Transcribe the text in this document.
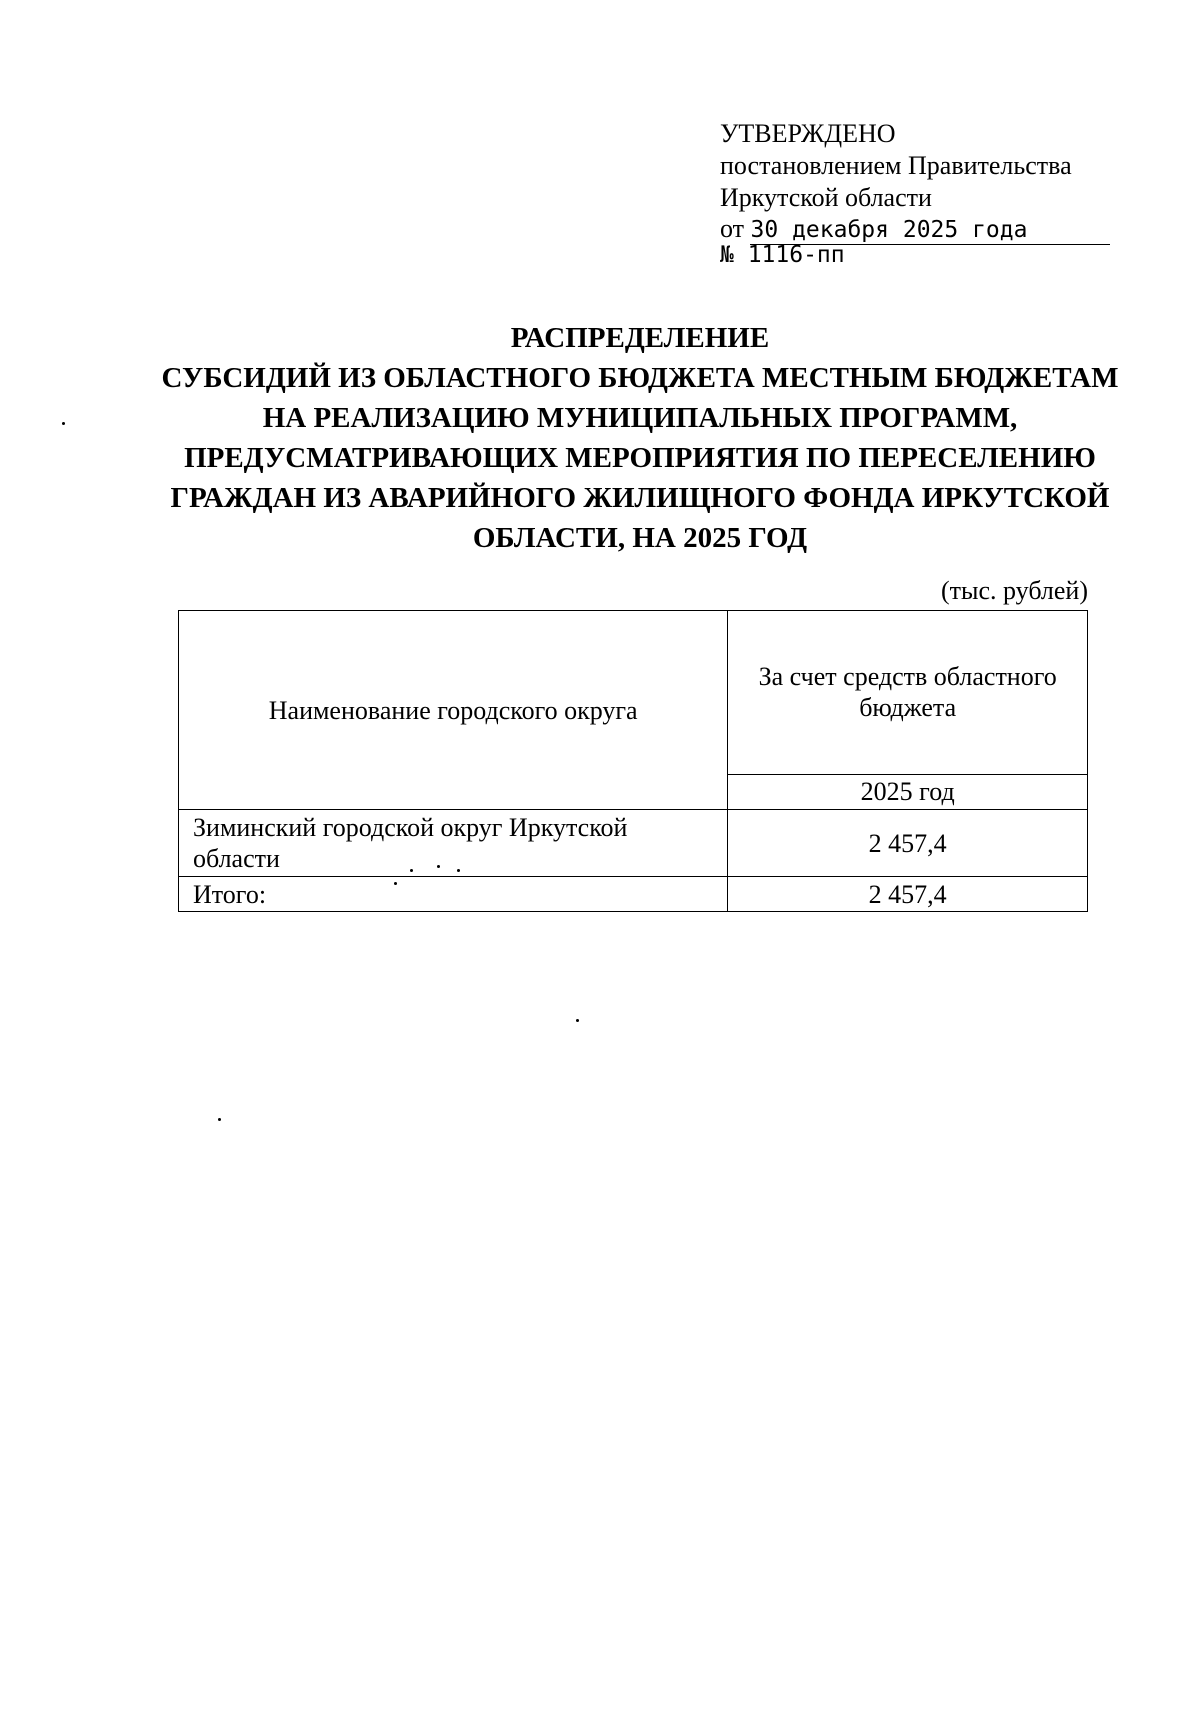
УТВЕРЖДЕНО
постановлением Правительства
Иркутской области
от 30 декабря 2025 года
№ 1116-пп
РАСПРЕДЕЛЕНИЕ
СУБСИДИЙ ИЗ ОБЛАСТНОГО БЮДЖЕТА МЕСТНЫМ БЮДЖЕТАМ
НА РЕАЛИЗАЦИЮ МУНИЦИПАЛЬНЫХ ПРОГРАММ,
ПРЕДУСМАТРИВАЮЩИХ МЕРОПРИЯТИЯ ПО ПЕРЕСЕЛЕНИЮ
ГРАЖДАН ИЗ АВАРИЙНОГО ЖИЛИЩНОГО ФОНДА ИРКУТСКОЙ
ОБЛАСТИ, НА 2025 ГОД
(тыс. рублей)
Наименование городского округа	За счет средств областного бюджета
	2025 год
Зиминский городской округ Иркутской области	2 457,4
Итого:	2 457,4
